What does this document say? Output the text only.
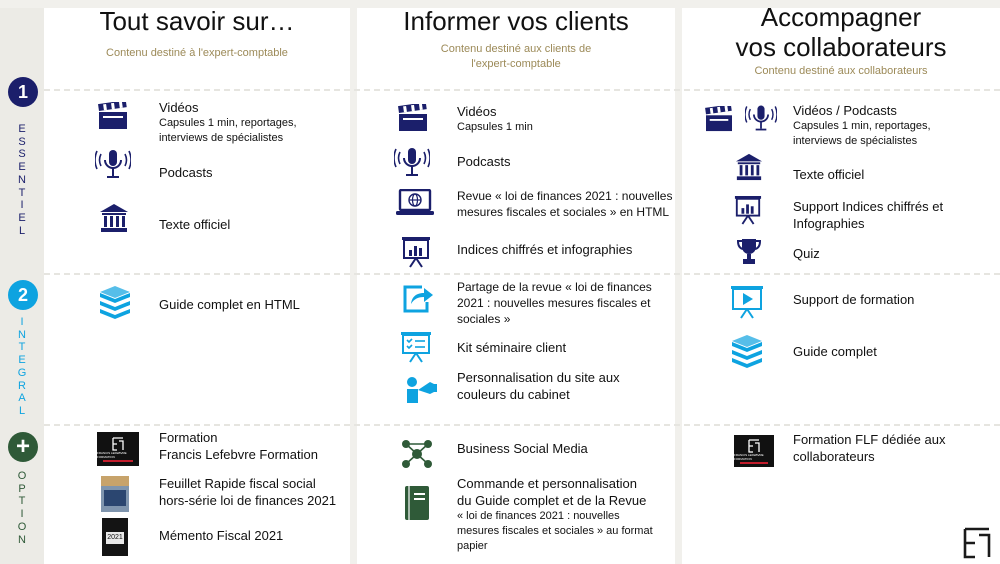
1
E
S
S
E
N
T
I
E
L
2
I
N
T
E
G
R
A
L
+
O
P
T
I
O
N
Tout savoir sur…
Contenu destiné à l'expert-comptable
Informer vos clients
Contenu destiné aux clients de
l'expert-comptable
Accompagner
vos collaborateurs
Contenu destiné aux collaborateurs
Vidéos
Capsules 1 min, reportages,
interviews de spécialistes
Podcasts
Texte officiel
Guide complet en HTML
FRANCIS LEFEBVRE FORMATION
Formation
Francis Lefebvre Formation
Feuillet Rapide fiscal social
hors-série loi de finances 2021
2021	Mémento Fiscal 2021
Vidéos
Capsules 1 min
Podcasts
Revue « loi de finances 2021 : nouvelles
mesures fiscales et sociales » en HTML
Indices chiffrés et infographies
Partage de la revue « loi de finances
2021 : nouvelles mesures fiscales et
sociales »
Kit séminaire client
Personnalisation du site aux
couleurs du cabinet
Business Social Media
Commande et personnalisation
du Guide complet et de la Revue
« loi de finances 2021 : nouvelles
mesures fiscales et sociales » au format
papier
Vidéos / Podcasts
Capsules 1 min, reportages,
interviews de spécialistes
Texte officiel
Support Indices chiffrés et
Infographies
Quiz
Support de formation
Guide complet
FRANCIS LEFEBVRE FORMATION
Formation FLF dédiée aux
collaborateurs
